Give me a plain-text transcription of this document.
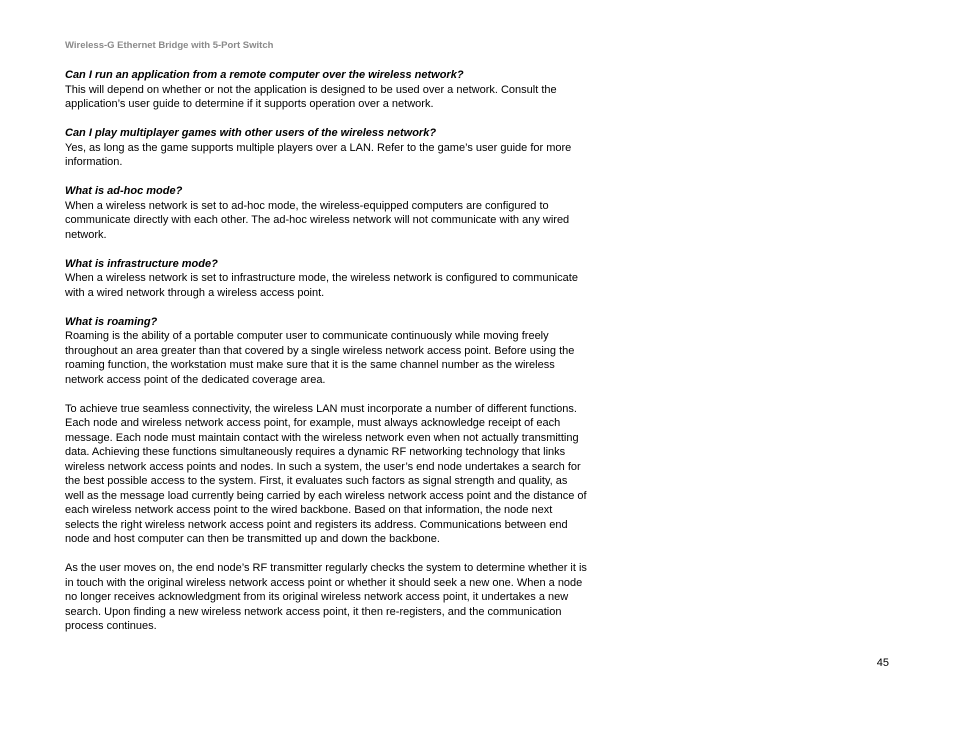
Wireless-G Ethernet Bridge with 5-Port Switch
Can I run an application from a remote computer over the wireless network?
This will depend on whether or not the application is designed to be used over a network. Consult the application’s user guide to determine if it supports operation over a network.
Can I play multiplayer games with other users of the wireless network?
Yes, as long as the game supports multiple players over a LAN. Refer to the game’s user guide for more information.
What is ad-hoc mode?
When a wireless network is set to ad-hoc mode, the wireless-equipped computers are configured to communicate directly with each other. The ad-hoc wireless network will not communicate with any wired network.
What is infrastructure mode?
When a wireless network is set to infrastructure mode, the wireless network is configured to communicate with a wired network through a wireless access point.
What is roaming?
Roaming is the ability of a portable computer user to communicate continuously while moving freely throughout an area greater than that covered by a single wireless network access point. Before using the roaming function, the workstation must make sure that it is the same channel number as the wireless network access point of the dedicated coverage area.

To achieve true seamless connectivity, the wireless LAN must incorporate a number of different functions. Each node and wireless network access point, for example, must always acknowledge receipt of each message. Each node must maintain contact with the wireless network even when not actually transmitting data. Achieving these functions simultaneously requires a dynamic RF networking technology that links wireless network access points and nodes. In such a system, the user’s end node undertakes a search for the best possible access to the system. First, it evaluates such factors as signal strength and quality, as well as the message load currently being carried by each wireless network access point and the distance of each wireless network access point to the wired backbone. Based on that information, the node next selects the right wireless network access point and registers its address. Communications between end node and host computer can then be transmitted up and down the backbone.

As the user moves on, the end node’s RF transmitter regularly checks the system to determine whether it is in touch with the original wireless network access point or whether it should seek a new one. When a node no longer receives acknowledgment from its original wireless network access point, it undertakes a new search. Upon finding a new wireless network access point, it then re-registers, and the communication process continues.

45
